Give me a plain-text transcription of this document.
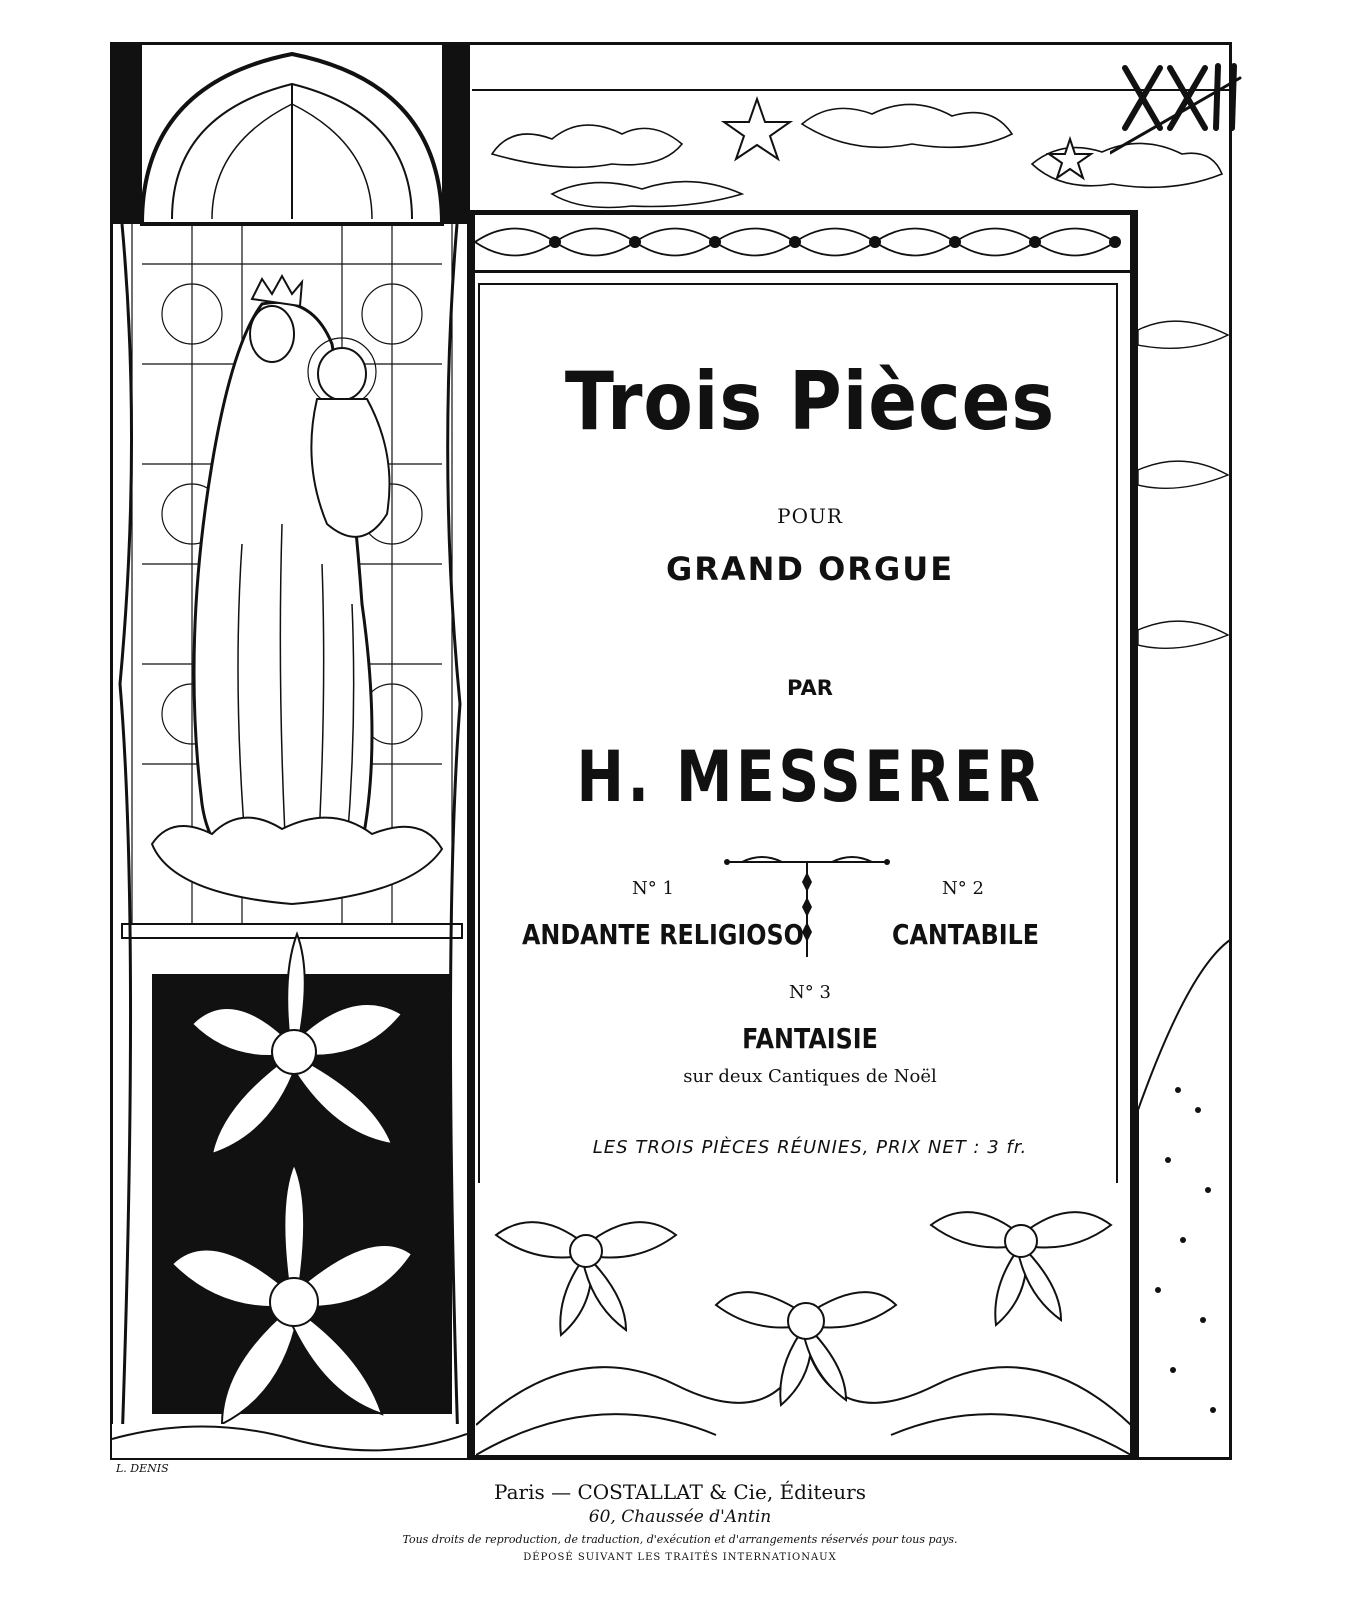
Trois Pièces
POUR
GRAND ORGUE
PAR
H. MESSERER
N° 1
ANDANTE RELIGIOSO
N° 2
CANTABILE
N° 3
FANTAISIE
sur deux Cantiques de Noël
LES TROIS PIÈCES RÉUNIES, PRIX NET : 3 fr.
L. DENIS
Paris — COSTALLAT & Cie, Éditeurs
60, Chaussée d'Antin
Tous droits de reproduction, de traduction, d'exécution et d'arrangements réservés pour tous pays.
DÉPOSÉ SUIVANT LES TRAITÉS INTERNATIONAUX
